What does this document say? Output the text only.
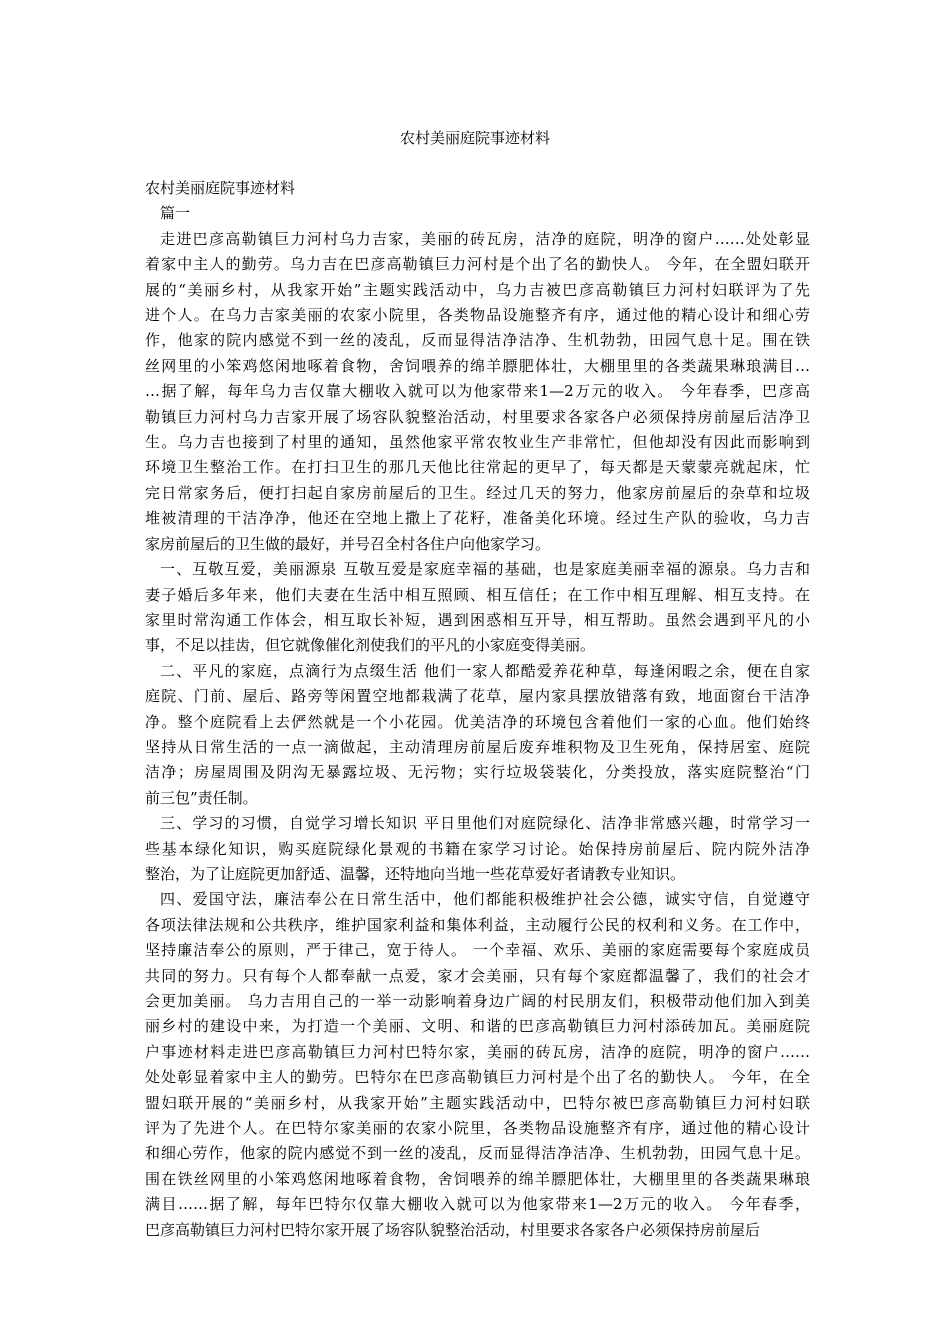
农村美丽庭院事迹材料
农村美丽庭院事迹材料
篇一
走进巴彦高勒镇巨力河村乌力吉家，美丽的砖瓦房，洁净的庭院，明净的窗户……处处彰显
着家中主人的勤劳。乌力吉在巴彦高勒镇巨力河村是个出了名的勤快人。 今年，在全盟妇联开
展的“美丽乡村，从我家开始”主题实践活动中，乌力吉被巴彦高勒镇巨力河村妇联评为了先
进个人。在乌力吉家美丽的农家小院里，各类物品设施整齐有序，通过他的精心设计和细心劳
作，他家的院内感觉不到一丝的凌乱，反而显得洁净洁净、生机勃勃，田园气息十足。围在铁
丝网里的小笨鸡悠闲地啄着食物，舍饲喂养的绵羊膘肥体壮，大棚里里的各类蔬果琳琅满目…
…据了解，每年乌力吉仅靠大棚收入就可以为他家带来1—2万元的收入。 今年春季，巴彦高
勒镇巨力河村乌力吉家开展了场容队貌整治活动，村里要求各家各户必须保持房前屋后洁净卫
生。乌力吉也接到了村里的通知，虽然他家平常农牧业生产非常忙，但他却没有因此而影响到
环境卫生整治工作。在打扫卫生的那几天他比往常起的更早了，每天都是天蒙蒙亮就起床，忙
完日常家务后，便打扫起自家房前屋后的卫生。经过几天的努力，他家房前屋后的杂草和垃圾
堆被清理的干洁净净，他还在空地上撒上了花籽，准备美化环境。经过生产队的验收，乌力吉
家房前屋后的卫生做的最好，并号召全村各住户向他家学习。
一、互敬互爱，美丽源泉 互敬互爱是家庭幸福的基础，也是家庭美丽幸福的源泉。乌力吉和
妻子婚后多年来，他们夫妻在生活中相互照顾、相互信任；在工作中相互理解、相互支持。在
家里时常沟通工作体会，相互取长补短，遇到困惑相互开导，相互帮助。虽然会遇到平凡的小
事，不足以挂齿，但它就像催化剂使我们的平凡的小家庭变得美丽。
二、平凡的家庭，点滴行为点缀生活 他们一家人都酷爱养花种草，每逢闲暇之余，便在自家
庭院、门前、屋后、路旁等闲置空地都栽满了花草，屋内家具摆放错落有致，地面窗台干洁净
净。整个庭院看上去俨然就是一个小花园。优美洁净的环境包含着他们一家的心血。他们始终
坚持从日常生活的一点一滴做起，主动清理房前屋后废弃堆积物及卫生死角，保持居室、庭院
洁净；房屋周围及阴沟无暴露垃圾、无污物；实行垃圾袋装化，分类投放，落实庭院整治“门
前三包”责任制。
三、学习的习惯，自觉学习增长知识 平日里他们对庭院绿化、洁净非常感兴趣，时常学习一
些基本绿化知识，购买庭院绿化景观的书籍在家学习讨论。始保持房前屋后、院内院外洁净
整治，为了让庭院更加舒适、温馨，还特地向当地一些花草爱好者请教专业知识。
四、爱国守法，廉洁奉公在日常生活中，他们都能积极维护社会公德，诚实守信，自觉遵守
各项法律法规和公共秩序，维护国家利益和集体利益，主动履行公民的权利和义务。在工作中，
坚持廉洁奉公的原则，严于律己，宽于待人。 一个幸福、欢乐、美丽的家庭需要每个家庭成员
共同的努力。只有每个人都奉献一点爱，家才会美丽，只有每个家庭都温馨了，我们的社会才
会更加美丽。 乌力吉用自己的一举一动影响着身边广阔的村民朋友们，积极带动他们加入到美
丽乡村的建设中来，为打造一个美丽、文明、和谐的巴彦高勒镇巨力河村添砖加瓦。美丽庭院
户事迹材料走进巴彦高勒镇巨力河村巴特尔家，美丽的砖瓦房，洁净的庭院，明净的窗户……
处处彰显着家中主人的勤劳。巴特尔在巴彦高勒镇巨力河村是个出了名的勤快人。 今年，在全
盟妇联开展的“美丽乡村，从我家开始”主题实践活动中，巴特尔被巴彦高勒镇巨力河村妇联
评为了先进个人。在巴特尔家美丽的农家小院里，各类物品设施整齐有序，通过他的精心设计
和细心劳作，他家的院内感觉不到一丝的凌乱，反而显得洁净洁净、生机勃勃，田园气息十足。
围在铁丝网里的小笨鸡悠闲地啄着食物，舍饲喂养的绵羊膘肥体壮，大棚里里的各类蔬果琳琅
满目……据了解，每年巴特尔仅靠大棚收入就可以为他家带来1—2万元的收入。 今年春季，
巴彦高勒镇巨力河村巴特尔家开展了场容队貌整治活动，村里要求各家各户必须保持房前屋后
